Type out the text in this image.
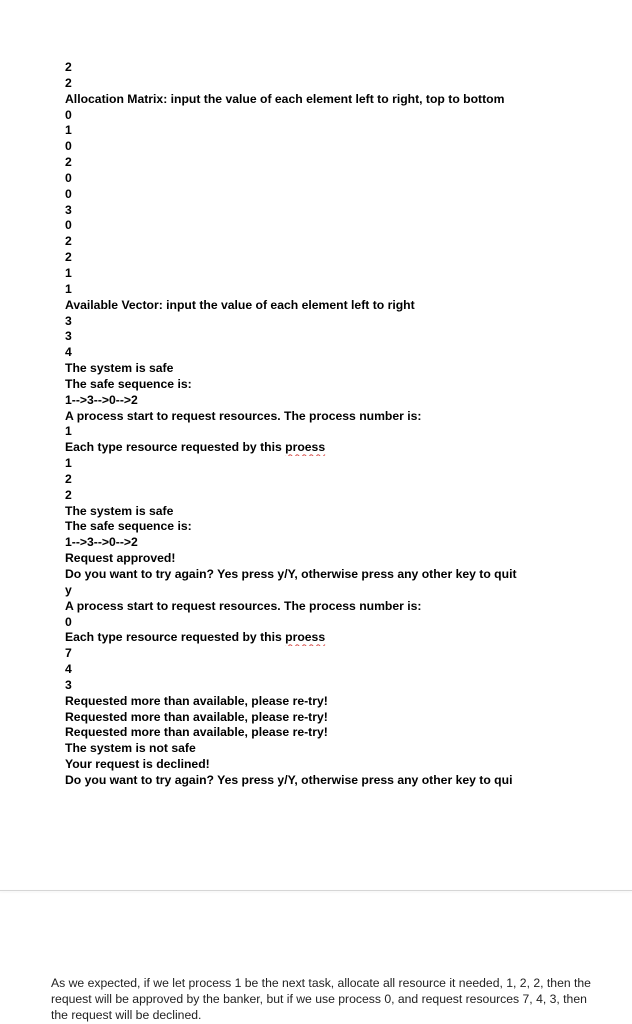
2
2
Allocation Matrix: input the value of each element left to right, top to bottom
0
1
0
2
0
0
3
0
2
2
1
1
Available Vector: input the value of each element left to right
3
3
4
The system is safe
The safe sequence is:
1-->3-->0-->2
A process start to request resources. The process number is:
1
Each type resource requested by this proess
1
2
2
The system is safe
The safe sequence is:
1-->3-->0-->2
Request approved!
Do you want to try again? Yes press y/Y, otherwise press any other key to quit
y
A process start to request resources. The process number is:
0
Each type resource requested by this proess
7
4
3
Requested more than available, please re-try!
Requested more than available, please re-try!
Requested more than available, please re-try!
The system is not safe
Your request is declined!
Do you want to try again? Yes press y/Y, otherwise press any other key to qui

As we expected, if we let process 1 be the next task, allocate all resource it needed, 1, 2, 2, then the request will be approved by the banker, but if we use process 0, and request resources 7, 4, 3, then the request will be declined.
